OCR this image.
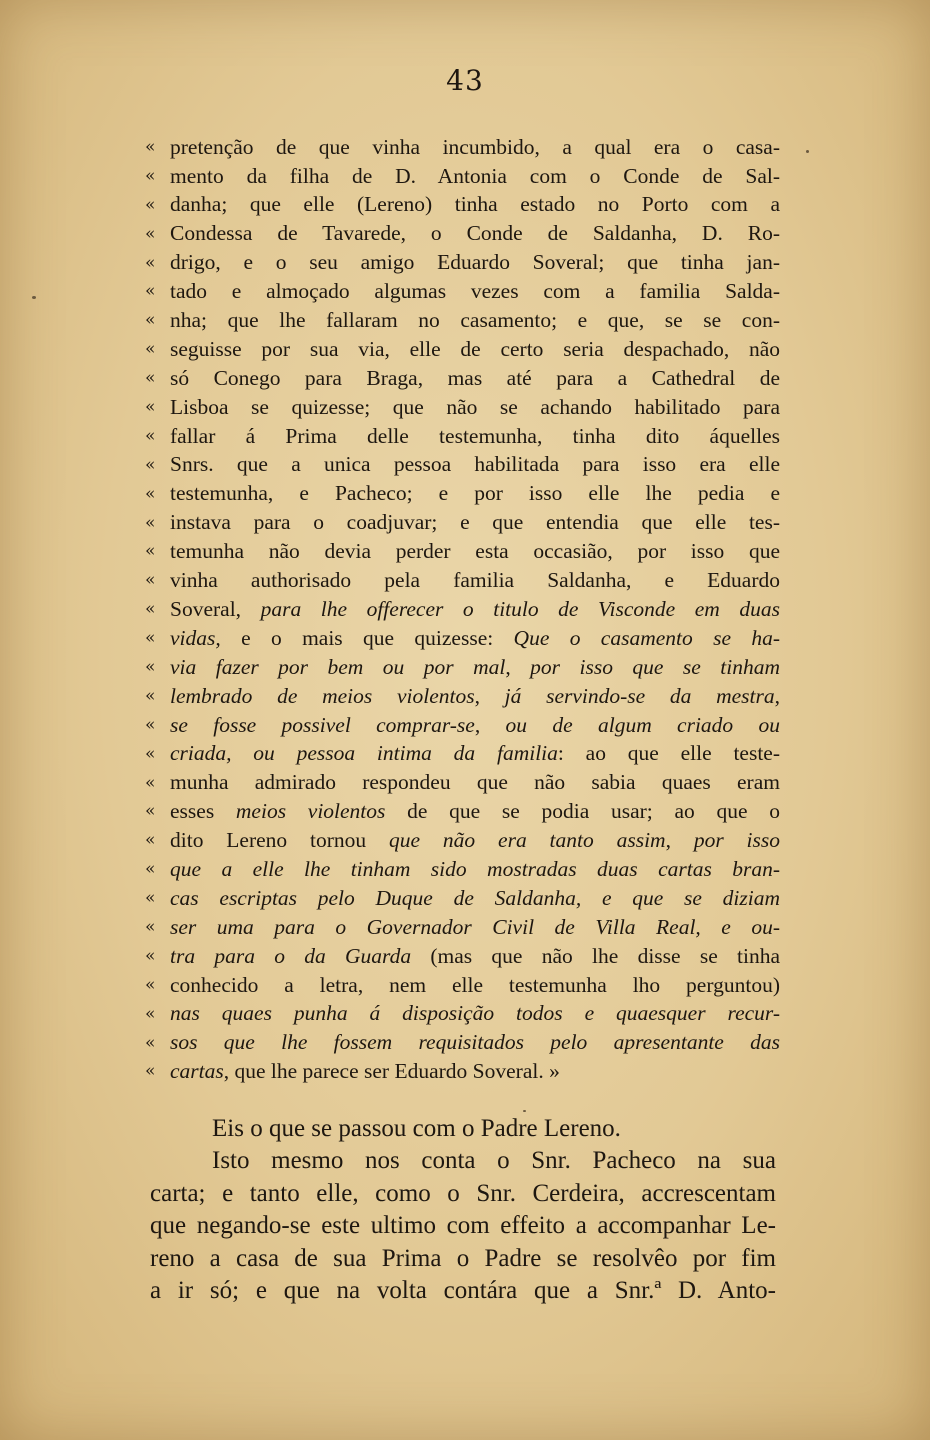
43
« pretenção de que vinha incumbido, a qual era o casa-
« mento da filha de D. Antonia com o Conde de Sal-
« danha; que elle (Lereno) tinha estado no Porto com a
« Condessa de Tavarede, o Conde de Saldanha, D. Ro-
« drigo, e o seu amigo Eduardo Soveral; que tinha jan-
« tado e almoçado algumas vezes com a familia Salda-
« nha; que lhe fallaram no casamento; e que, se se con-
« seguisse por sua via, elle de certo seria despachado, não
« só Conego para Braga, mas até para a Cathedral de
« Lisboa se quizesse; que não se achando habilitado para
« fallar á Prima delle testemunha, tinha dito áquelles
« Snrs. que a unica pessoa habilitada para isso era elle
« testemunha, e Pacheco; e por isso elle lhe pedia e
« instava para o coadjuvar; e que entendia que elle tes-
« temunha não devia perder esta occasião, por isso que
« vinha authorisado pela familia Saldanha, e Eduardo
« Soveral, para lhe offerecer o titulo de Visconde em duas
« vidas, e o mais que quizesse: Que o casamento se ha-
« via fazer por bem ou por mal, por isso que se tinham
« lembrado de meios violentos, já servindo-se da mestra,
« se fosse possivel comprar-se, ou de algum criado ou
« criada, ou pessoa intima da familia: ao que elle teste-
« munha admirado respondeu que não sabia quaes eram
« esses meios violentos de que se podia usar; ao que o
« dito Lereno tornou que não era tanto assim, por isso
« que a elle lhe tinham sido mostradas duas cartas bran-
« cas escriptas pelo Duque de Saldanha, e que se diziam
« ser uma para o Governador Civil de Villa Real, e ou-
« tra para o da Guarda (mas que não lhe disse se tinha
« conhecido a letra, nem elle testemunha lho perguntou)
« nas quaes punha á disposição todos e quaesquer recur-
« sos que lhe fossem requisitados pelo apresentante das
« cartas, que lhe parece ser Eduardo Soveral. »
Eis o que se passou com o Padre Lereno.
Isto mesmo nos conta o Snr. Pacheco na sua
carta; e tanto elle, como o Snr. Cerdeira, accrescentam
que negando-se este ultimo com effeito a accompanhar Le-
reno a casa de sua Prima o Padre se resolvêo por fim
a ir só; e que na volta contára que a Snr.ª D. Anto-
